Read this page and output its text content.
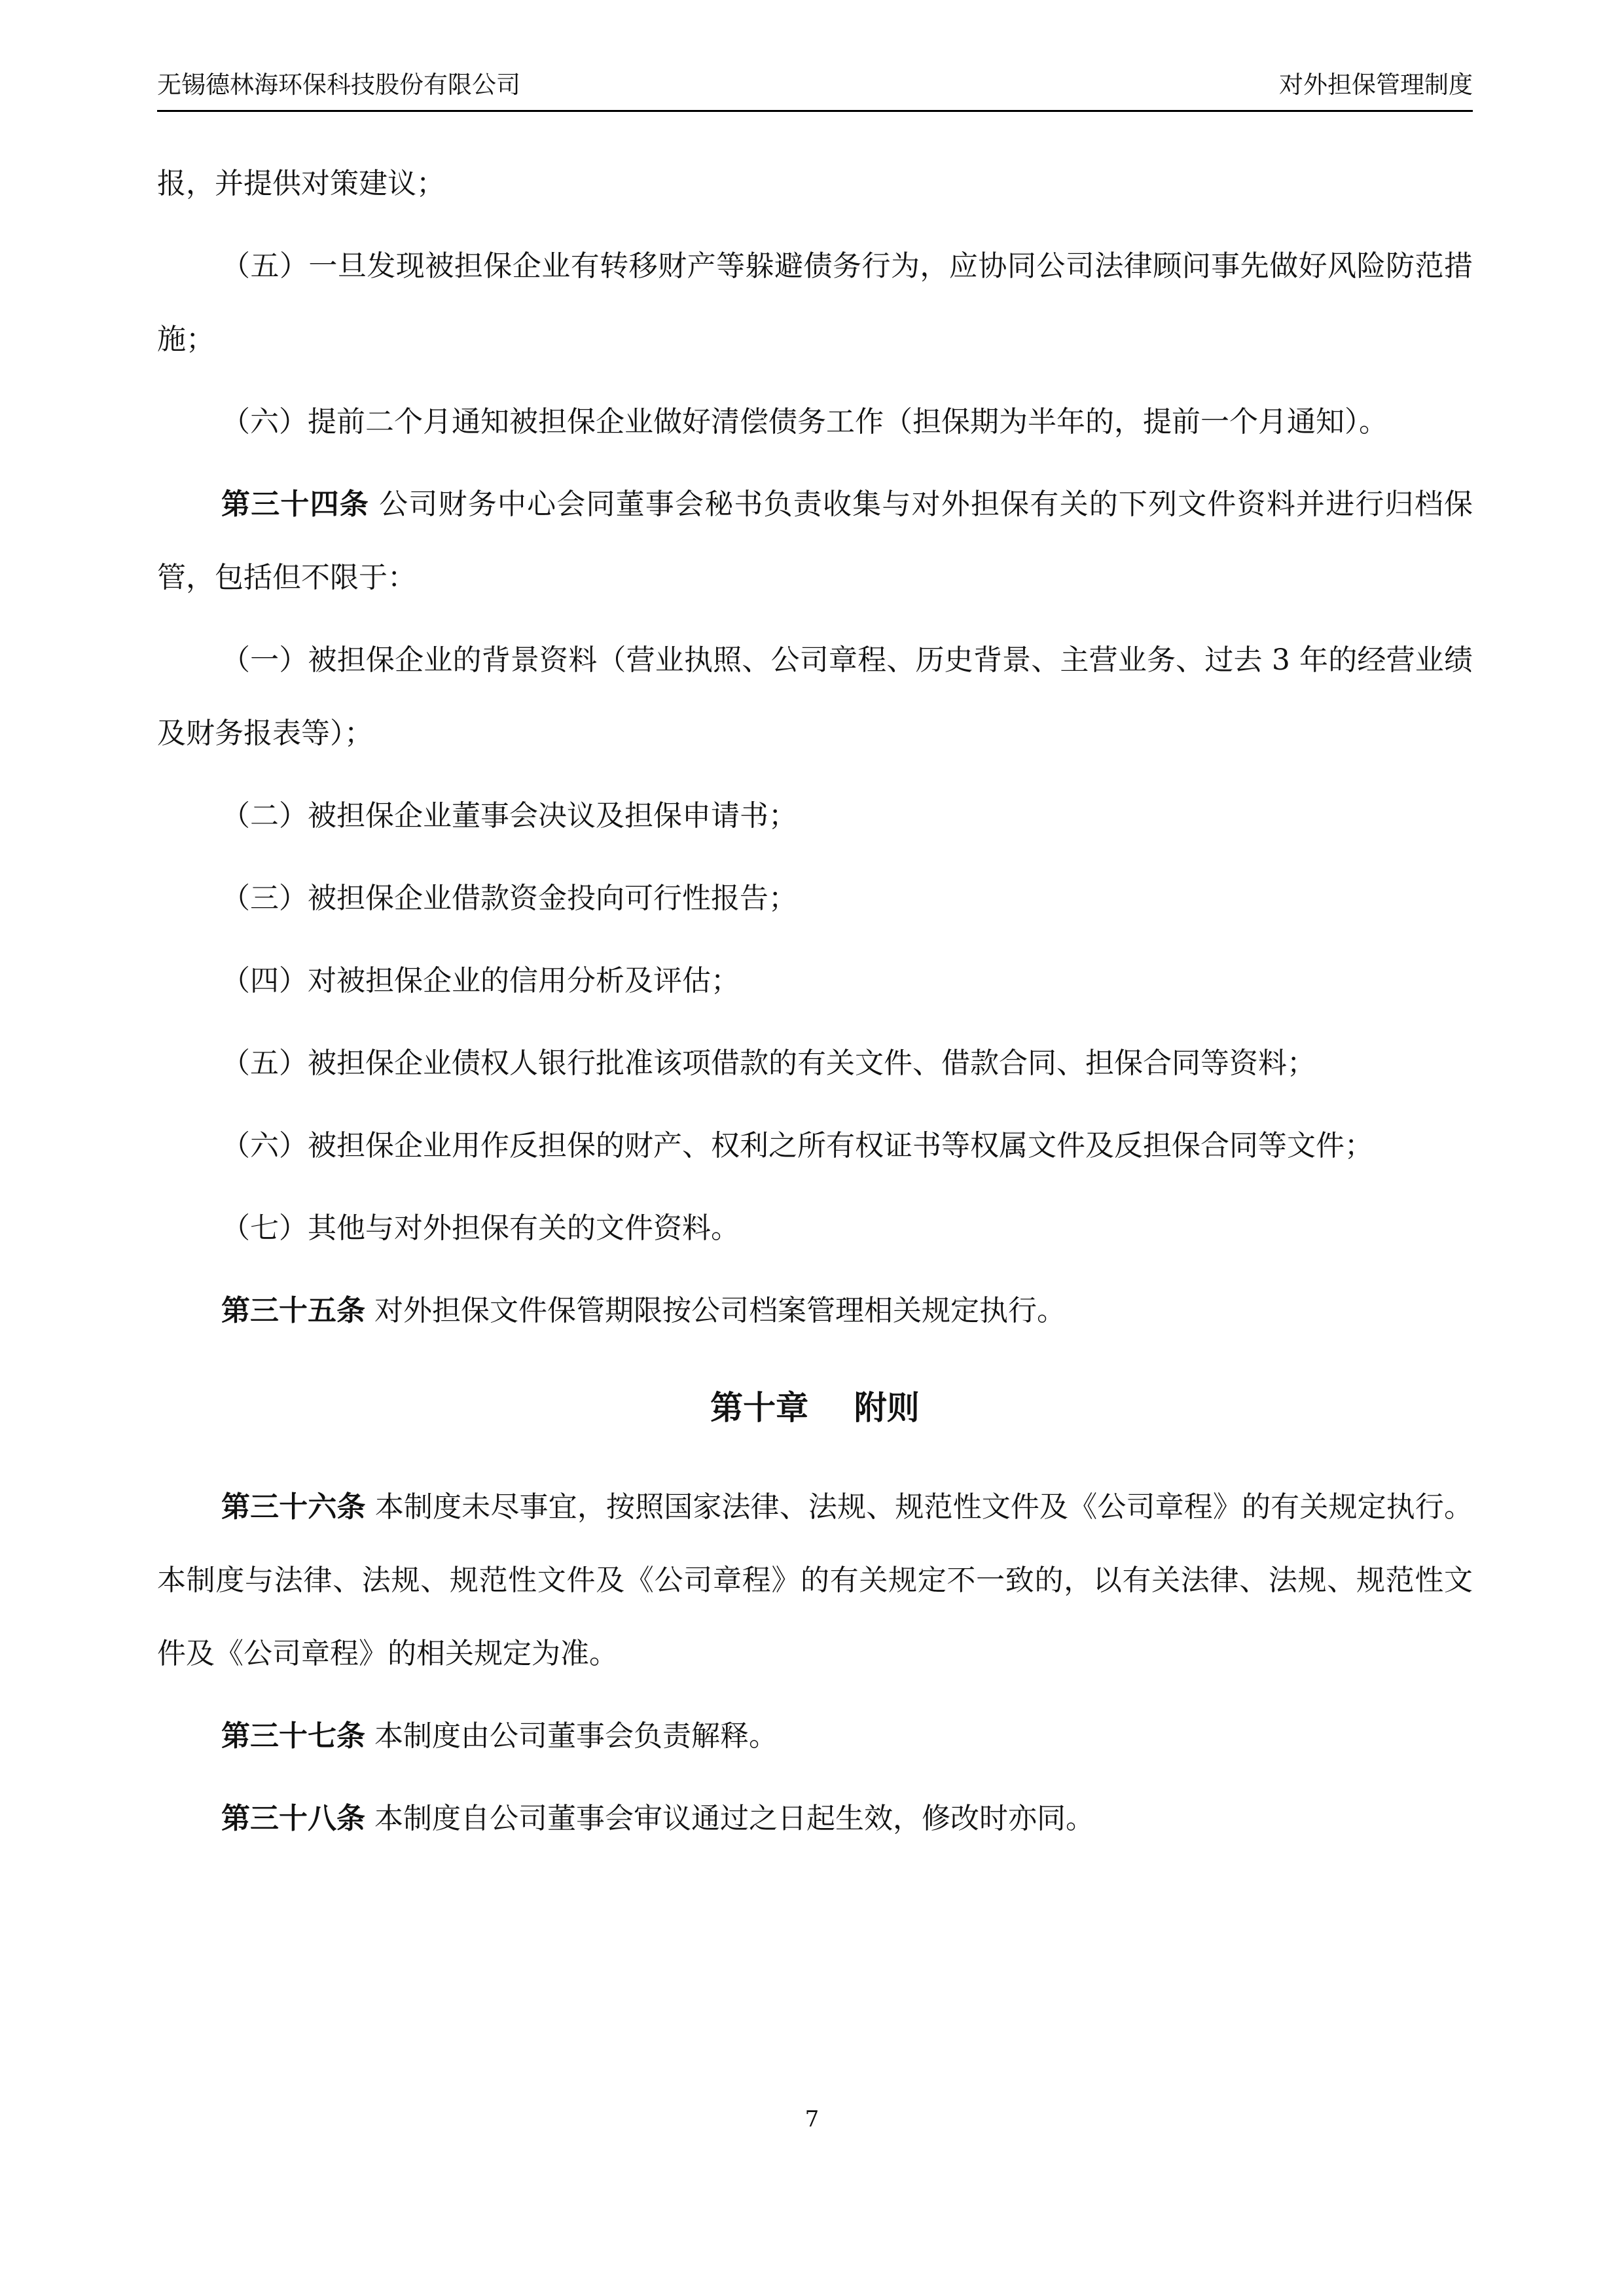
无锡德林海环保科技股份有限公司	对外担保管理制度

报，并提供对策建议；

（五）一旦发现被担保企业有转移财产等躲避债务行为，应协同公司法律顾问事先做好风险防范措施；

（六）提前二个月通知被担保企业做好清偿债务工作（担保期为半年的，提前一个月通知）。

第三十四条 公司财务中心会同董事会秘书负责收集与对外担保有关的下列文件资料并进行归档保管，包括但不限于：

（一）被担保企业的背景资料（营业执照、公司章程、历史背景、主营业务、过去 3 年的经营业绩及财务报表等）；

（二）被担保企业董事会决议及担保申请书；

（三）被担保企业借款资金投向可行性报告；

（四）对被担保企业的信用分析及评估；

（五）被担保企业债权人银行批准该项借款的有关文件、借款合同、担保合同等资料；

（六）被担保企业用作反担保的财产、权利之所有权证书等权属文件及反担保合同等文件；

（七）其他与对外担保有关的文件资料。

第三十五条 对外担保文件保管期限按公司档案管理相关规定执行。

第十章    附则

第三十六条 本制度未尽事宜，按照国家法律、法规、规范性文件及《公司章程》的有关规定执行。本制度与法律、法规、规范性文件及《公司章程》的有关规定不一致的，以有关法律、法规、规范性文件及《公司章程》的相关规定为准。

第三十七条 本制度由公司董事会负责解释。

第三十八条 本制度自公司董事会审议通过之日起生效，修改时亦同。

7
